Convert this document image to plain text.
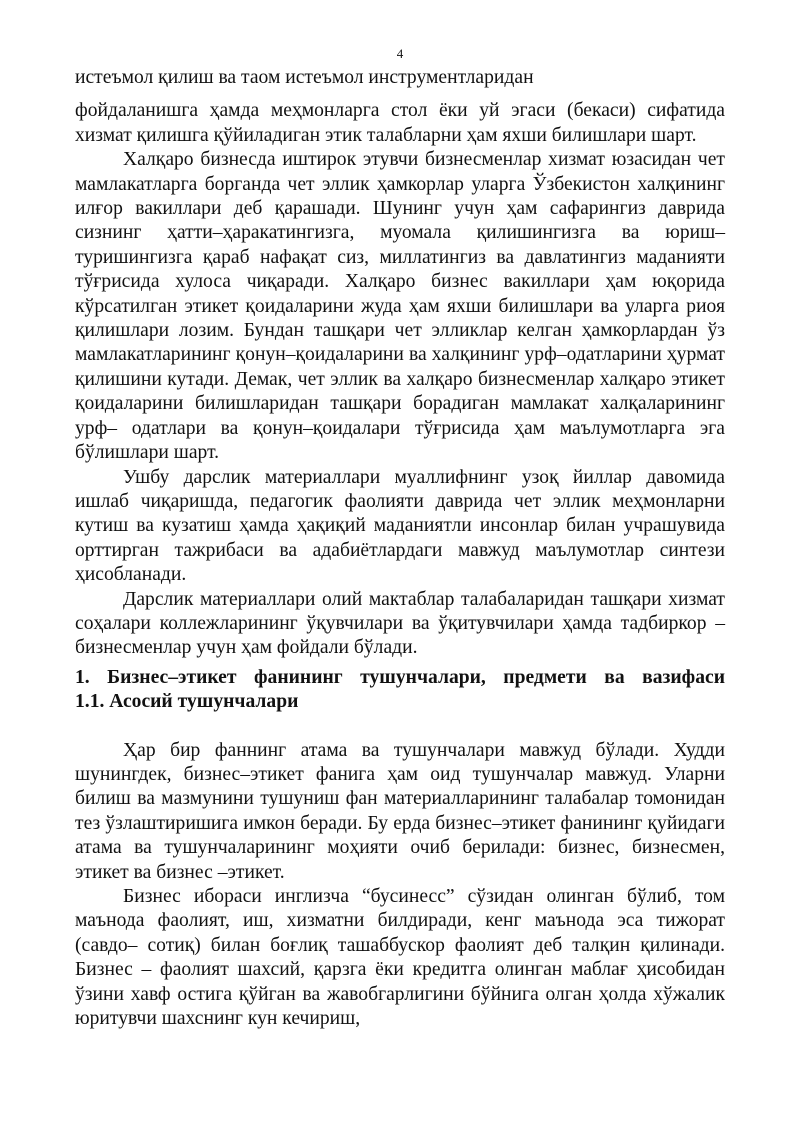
4

истеъмол қилиш ва таом истеъмол инструментларидан

фойдаланишга ҳамда меҳмонларга стол ёки уй эгаси (бекаси) сифатида хизмат қилишга қўйиладиган этик талабларни ҳам яхши билишлари шарт.

Халқаро бизнесда иштирок этувчи бизнесменлар хизмат юзасидан чет мамлакатларга борганда чет эллик ҳамкорлар уларга Ўзбекистон халқининг илғор вакиллари деб қарашади. Шунинг учун ҳам сафарингиз даврида сизнинг ҳатти–ҳаракатингизга, муомала қилишингизга ва юриш– туришингизга қараб нафақат сиз, миллатингиз ва давлатингиз маданияти тўғрисида хулоса чиқаради. Халқаро бизнес вакиллари ҳам юқорида кўрсатилган этикет қоидаларини жуда ҳам яхши билишлари ва уларга риоя қилишлари лозим. Бундан ташқари чет элликлар келган ҳамкорлардан ўз мамлакатларининг қонун–қоидаларини ва халқининг урф–одатларини ҳурмат қилишини кутади. Демак, чет эллик ва халқаро бизнесменлар халқаро этикет қоидаларини билишларидан ташқари борадиган мамлакат халқаларининг урф– одатлари ва қонун–қоидалари тўғрисида ҳам маълумотларга эга бўлишлари шарт.

Ушбу дарслик материаллари муаллифнинг узоқ йиллар давомида ишлаб чиқаришда, педагогик фаолияти даврида чет эллик меҳмонларни кутиш ва кузатиш ҳамда ҳақиқий маданиятли инсонлар билан учрашувида орттирган тажрибаси ва адабиётлардаги мавжуд маълумотлар синтези ҳисобланади.

Дарслик материаллари олий мактаблар талабаларидан ташқари хизмат соҳалари коллежларининг ўқувчилари ва ўқитувчилари ҳамда тадбиркор – бизнесменлар учун ҳам фойдали бўлади.

1. Бизнес–этикет фанининг тушунчалари, предмети ва вазифаси

1.1. Асосий тушунчалари

Ҳар бир фаннинг атама ва тушунчалари мавжуд бўлади. Худди шунингдек, бизнес–этикет фанига ҳам оид тушунчалар мавжуд. Уларни билиш ва мазмунини тушуниш фан материалларининг талабалар томонидан тез ўзлаштиришига имкон беради. Бу ерда бизнес–этикет фанининг қуйидаги атама ва тушунчаларининг моҳияти очиб берилади: бизнес, бизнесмен, этикет ва бизнес –этикет.

Бизнес ибораси инглизча “бусинесс” сўзидан олинган бўлиб, том маънода фаолият, иш, хизматни билдиради, кенг маънода эса тижорат (савдо– сотиқ) билан боғлиқ ташаббускор фаолият деб талқин қилинади. Бизнес – фаолият шахсий, қарзга ёки кредитга олинган маблағ ҳисобидан ўзини хавф остига қўйган ва жавобгарлигини бўйнига олган ҳолда хўжалик юритувчи шахснинг кун кечириш,
